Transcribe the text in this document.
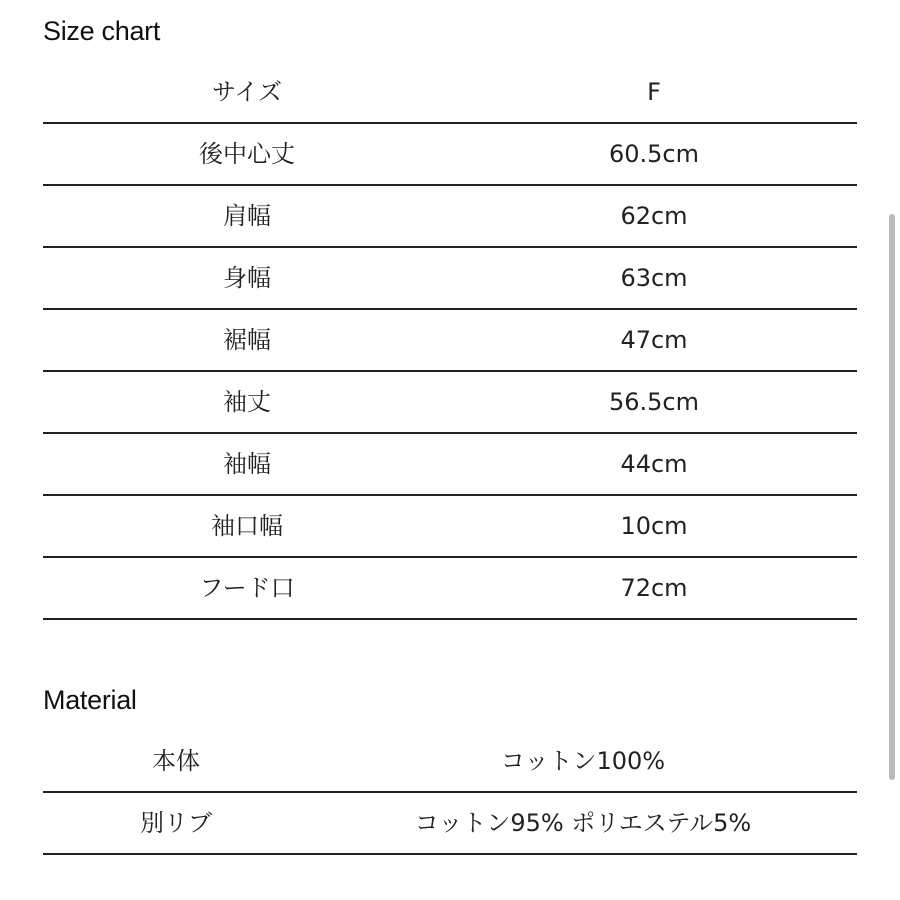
Size chart
サイズ	F
後中心丈	60.5cm
肩幅	62cm
身幅	63cm
裾幅	47cm
袖丈	56.5cm
袖幅	44cm
袖口幅	10cm
フード口	72cm
Material
本体	コットン100%
別リブ	コットン95% ポリエステル5%
